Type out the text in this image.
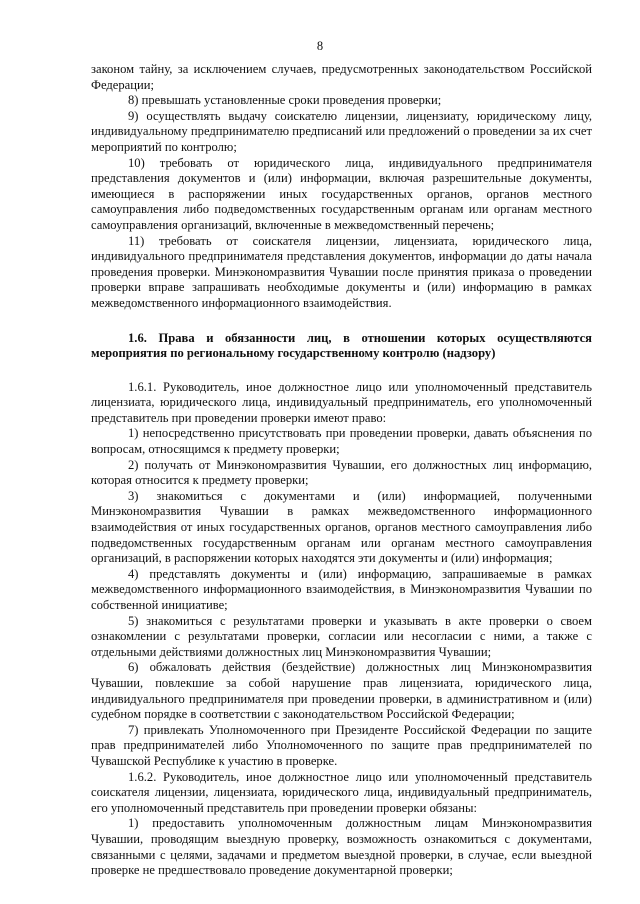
8

законом тайну, за исключением случаев, предусмотренных законодательством Российской Федерации;

8) превышать установленные сроки проведения проверки;

9) осуществлять выдачу соискателю лицензии, лицензиату, юридическому лицу, индивидуальному предпринимателю предписаний или предложений о проведении за их счет мероприятий по контролю;

10) требовать от юридического лица, индивидуального предпринимателя представления документов и (или) информации, включая разрешительные документы, имеющиеся в распоряжении иных государственных органов, органов местного самоуправления либо подведомственных государственным органам или органам местного самоуправления организаций, включенные в межведомственный перечень;

11) требовать от соискателя лицензии, лицензиата, юридического лица, индивидуального предпринимателя представления документов, информации до даты начала проведения проверки. Минэкономразвития Чувашии после принятия приказа о проведении проверки вправе запрашивать необходимые документы и (или) информацию в рамках межведомственного информационного взаимодействия.

1.6. Права и обязанности лиц, в отношении которых осуществляются мероприятия по региональному государственному контролю (надзору)

1.6.1. Руководитель, иное должностное лицо или уполномоченный представитель лицензиата, юридического лица, индивидуальный предприниматель, его уполномоченный представитель при проведении проверки имеют право:

1) непосредственно присутствовать при проведении проверки, давать объяснения по вопросам, относящимся к предмету проверки;

2) получать от Минэкономразвития Чувашии, его должностных лиц информацию, которая относится к предмету проверки;

3) знакомиться с документами и (или) информацией, полученными Минэкономразвития Чувашии в рамках межведомственного информационного взаимодействия от иных государственных органов, органов местного самоуправления либо подведомственных государственным органам или органам местного самоуправления организаций, в распоряжении которых находятся эти документы и (или) информация;

4) представлять документы и (или) информацию, запрашиваемые в рамках межведомственного информационного взаимодействия, в Минэкономразвития Чувашии по собственной инициативе;

5) знакомиться с результатами проверки и указывать в акте проверки о своем ознакомлении с результатами проверки, согласии или несогласии с ними, а также с отдельными действиями должностных лиц Минэкономразвития Чувашии;

6) обжаловать действия (бездействие) должностных лиц Минэкономразвития Чувашии, повлекшие за собой нарушение прав лицензиата, юридического лица, индивидуального предпринимателя при проведении проверки, в административном и (или) судебном порядке в соответствии с законодательством Российской Федерации;

7) привлекать Уполномоченного при Президенте Российской Федерации по защите прав предпринимателей либо Уполномоченного по защите прав предпринимателей по Чувашской Республике к участию в проверке.

1.6.2. Руководитель, иное должностное лицо или уполномоченный представитель соискателя лицензии, лицензиата, юридического лица, индивидуальный предприниматель, его уполномоченный представитель при проведении проверки обязаны:

1) предоставить уполномоченным должностным лицам Минэкономразвития Чувашии, проводящим выездную проверку, возможность ознакомиться с документами, связанными с целями, задачами и предметом выездной проверки, в случае, если выездной проверке не предшествовало проведение документарной проверки;
